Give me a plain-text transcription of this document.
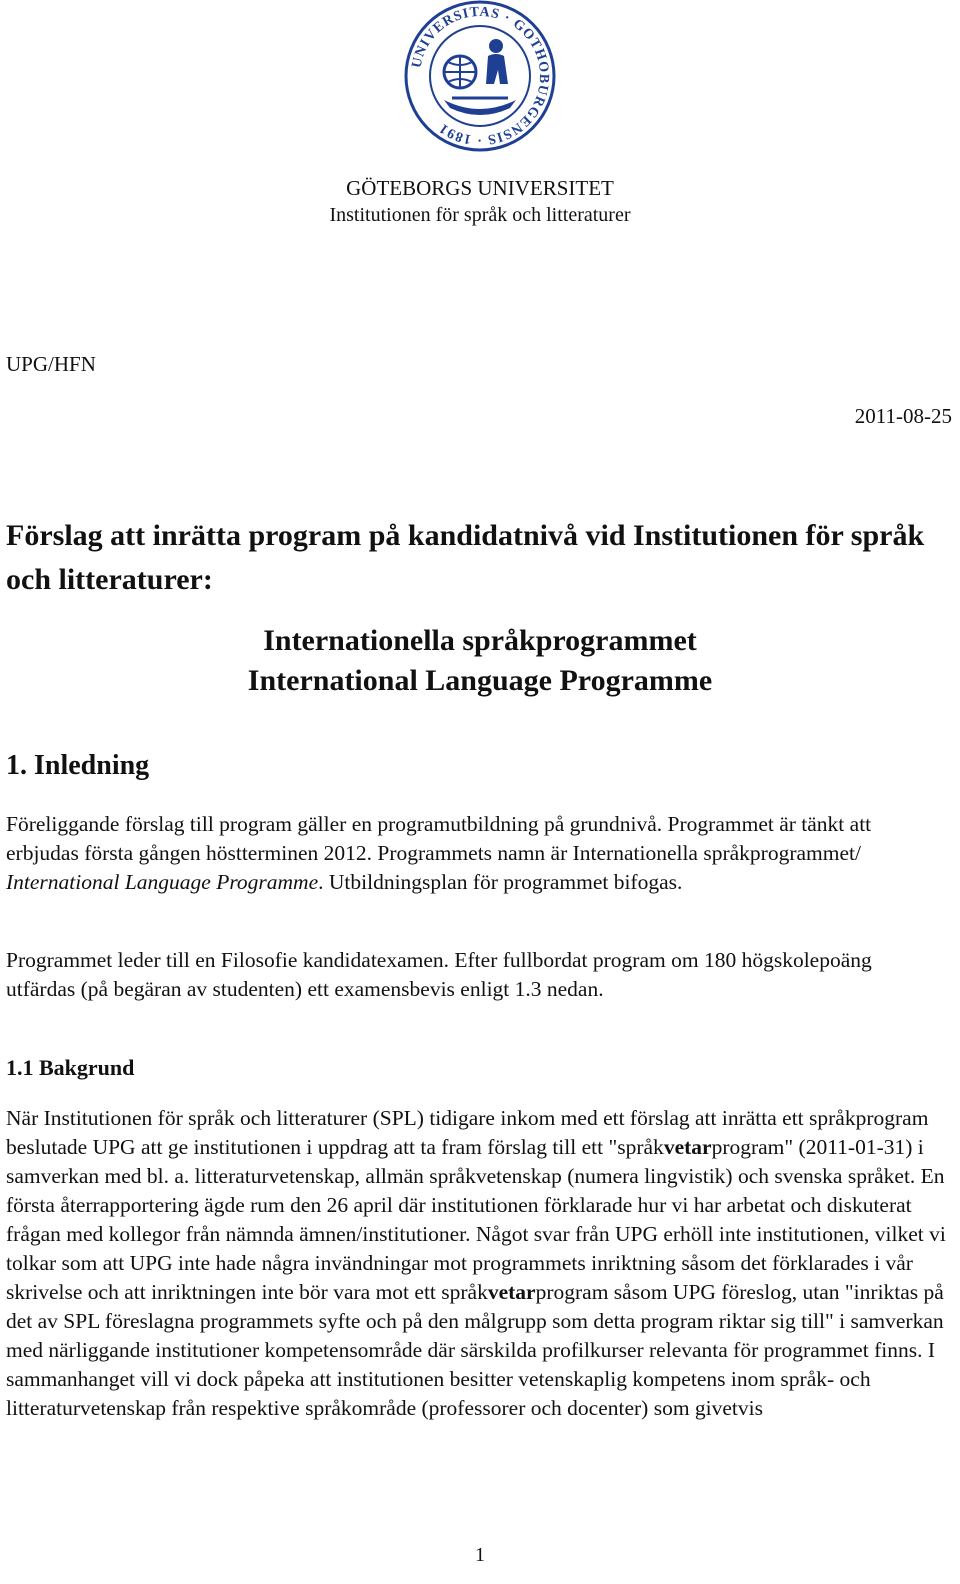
UNIVERSITAS · GOTHOBURGENSIS · 1891
GÖTEBORGS UNIVERSITET
Institutionen för språk och litteraturer
UPG/HFN
2011-08-25
Förslag att inrätta program på kandidatnivå vid Institutionen för språk och litteraturer:
Internationella språkprogrammet
International Language Programme
1. Inledning

Föreliggande förslag till program gäller en programutbildning på grundnivå. Programmet är tänkt att erbjudas första gången höstterminen 2012. Programmets namn är Internationella språkprogrammet/ International Language Programme. Utbildningsplan för programmet bifogas.

Programmet leder till en Filosofie kandidatexamen. Efter fullbordat program om 180 högskolepoäng utfärdas (på begäran av studenten) ett examensbevis enligt 1.3 nedan.

1.1 Bakgrund

När Institutionen för språk och litteraturer (SPL) tidigare inkom med ett förslag att inrätta ett språkprogram beslutade UPG att ge institutionen i uppdrag att ta fram förslag till ett "språkvetarprogram" (2011-01-31) i samverkan med bl. a. litteraturvetenskap, allmän språkvetenskap (numera lingvistik) och svenska språket. En första återrapportering ägde rum den 26 april där institutionen förklarade hur vi har arbetat och diskuterat frågan med kollegor från nämnda ämnen/institutioner. Något svar från UPG erhöll inte institutionen, vilket vi tolkar som att UPG inte hade några invändningar mot programmets inriktning såsom det förklarades i vår skrivelse och att inriktningen inte bör vara mot ett språkvetarprogram såsom UPG föreslog, utan "inriktas på det av SPL föreslagna programmets syfte och på den målgrupp som detta program riktar sig till" i samverkan med närliggande institutioner kompetensområde där särskilda profilkurser relevanta för programmet finns. I sammanhanget vill vi dock påpeka att institutionen besitter vetenskaplig kompetens inom språk- och litteraturvetenskap från respektive språkområde (professorer och docenter) som givetvis

1
